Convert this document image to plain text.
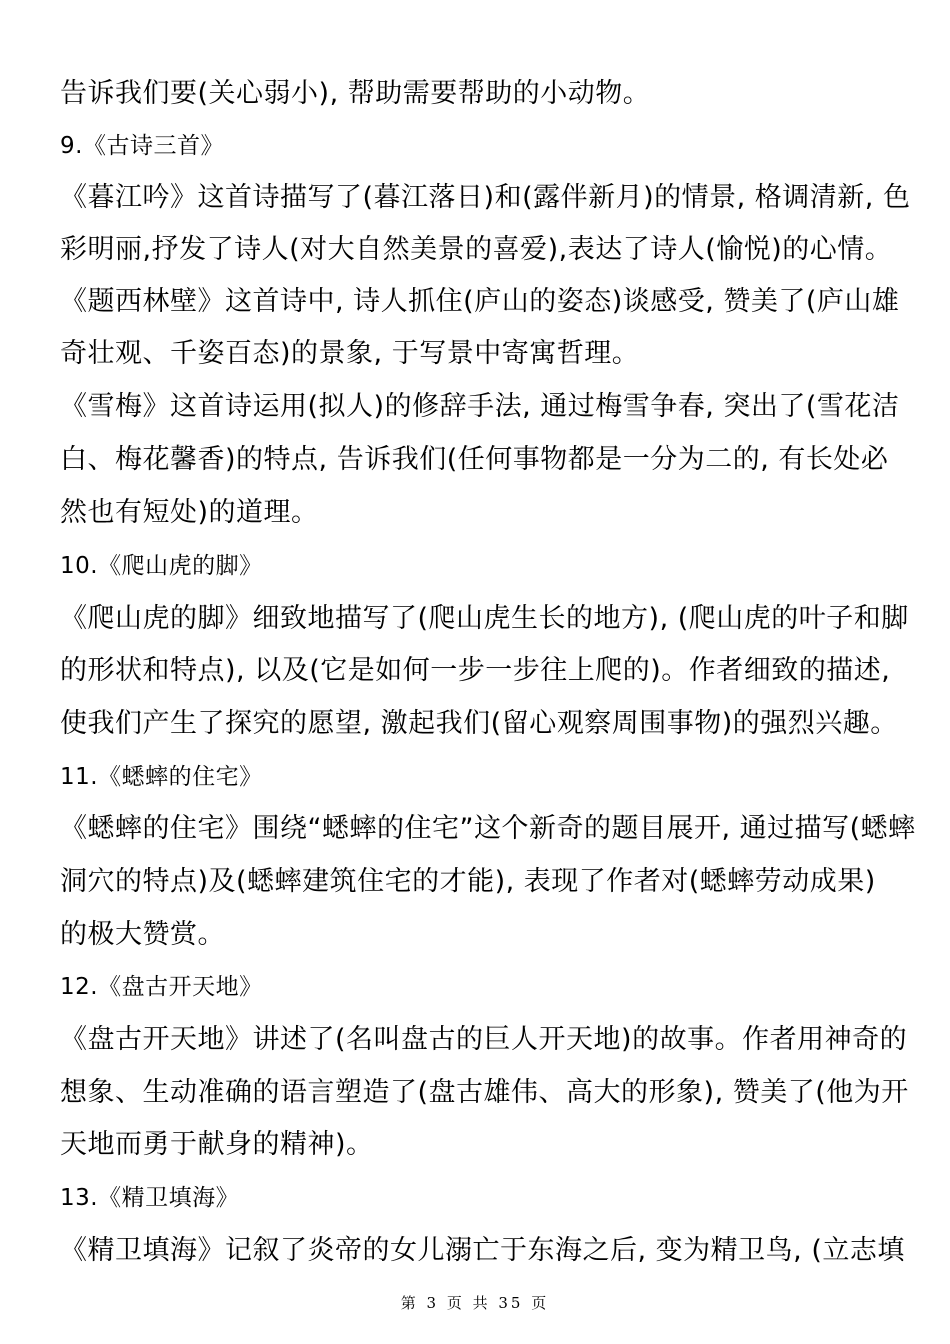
告诉我们要(关心弱小), 帮助需要帮助的小动物。
9.《古诗三首》
《暮江吟》这首诗描写了(暮江落日)和(露伴新月)的情景, 格调清新, 色
彩明丽,抒发了诗人(对大自然美景的喜爱),表达了诗人(愉悦)的心情。
《题西林壁》这首诗中, 诗人抓住(庐山的姿态)谈感受, 赞美了(庐山雄
奇壮观、千姿百态)的景象, 于写景中寄寓哲理。
《雪梅》这首诗运用(拟人)的修辞手法, 通过梅雪争春, 突出了(雪花洁
白、梅花馨香)的特点, 告诉我们(任何事物都是一分为二的, 有长处必
然也有短处)的道理。
10.《爬山虎的脚》
《爬山虎的脚》细致地描写了(爬山虎生长的地方), (爬山虎的叶子和脚
的形状和特点), 以及(它是如何一步一步往上爬的)。作者细致的描述,
使我们产生了探究的愿望, 激起我们(留心观察周围事物)的强烈兴趣。
11.《蟋蟀的住宅》
《蟋蟀的住宅》围绕“蟋蟀的住宅”这个新奇的题目展开, 通过描写(蟋蟀
洞穴的特点)及(蟋蟀建筑住宅的才能), 表现了作者对(蟋蟀劳动成果)
的极大赞赏。
12.《盘古开天地》
《盘古开天地》讲述了(名叫盘古的巨人开天地)的故事。作者用神奇的
想象、生动准确的语言塑造了(盘古雄伟、高大的形象), 赞美了(他为开
天地而勇于献身的精神)。
13.《精卫填海》
《精卫填海》记叙了炎帝的女儿溺亡于东海之后, 变为精卫鸟, (立志填
第 3 页 共 35 页
